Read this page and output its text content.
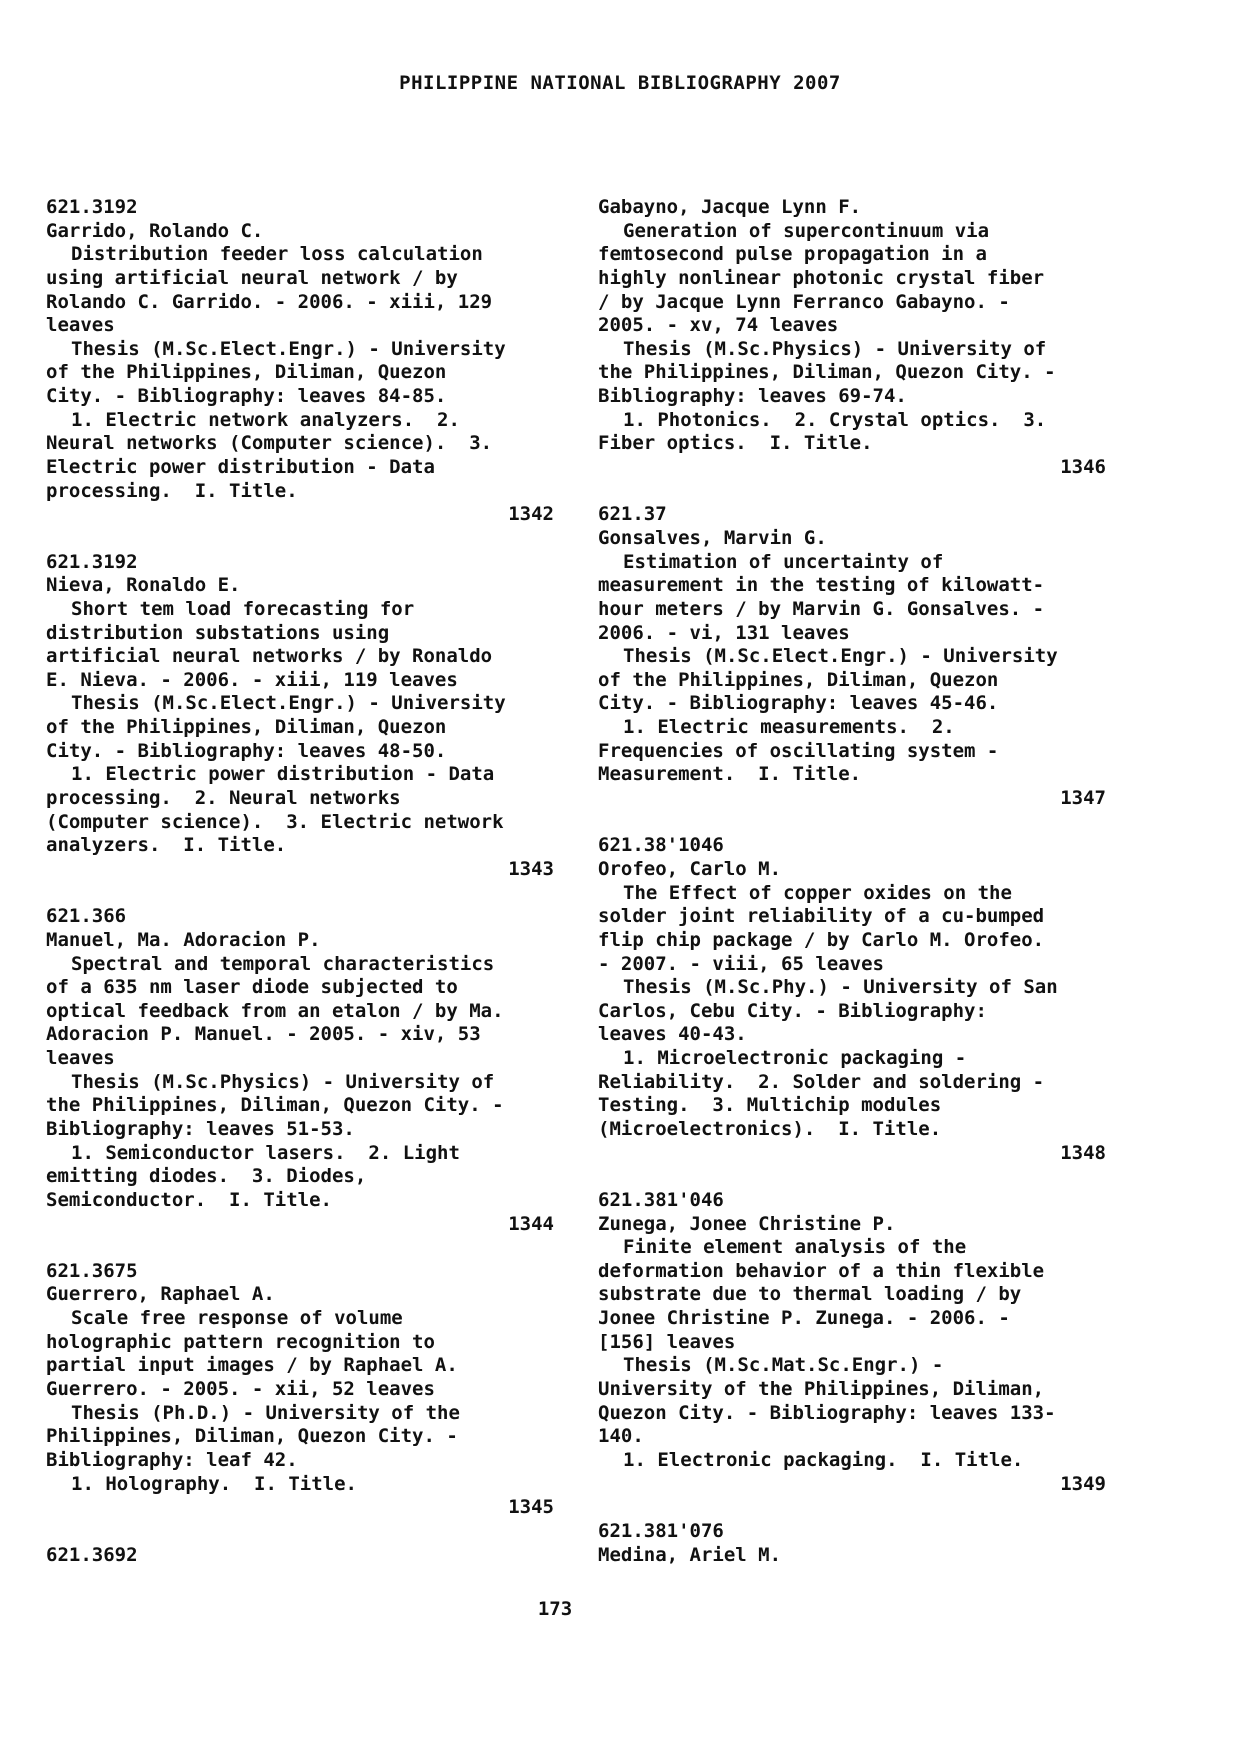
PHILIPPINE NATIONAL BIBLIOGRAPHY 2007
621.3192
Garrido, Rolando C.
Distribution feeder loss calculation
using artificial neural network / by
Rolando C. Garrido. - 2006. - xiii, 129
leaves
Thesis (M.Sc.Elect.Engr.) - University
of the Philippines, Diliman, Quezon
City. - Bibliography: leaves 84-85.
1. Electric network analyzers.  2.
Neural networks (Computer science).  3.
Electric power distribution - Data
processing.  I. Title.
1342
621.3192
Nieva, Ronaldo E.
Short tem load forecasting for
distribution substations using
artificial neural networks / by Ronaldo
E. Nieva. - 2006. - xiii, 119 leaves
Thesis (M.Sc.Elect.Engr.) - University
of the Philippines, Diliman, Quezon
City. - Bibliography: leaves 48-50.
1. Electric power distribution - Data
processing.  2. Neural networks
(Computer science).  3. Electric network
analyzers.  I. Title.
1343
621.366
Manuel, Ma. Adoracion P.
Spectral and temporal characteristics
of a 635 nm laser diode subjected to
optical feedback from an etalon / by Ma.
Adoracion P. Manuel. - 2005. - xiv, 53
leaves
Thesis (M.Sc.Physics) - University of
the Philippines, Diliman, Quezon City. -
Bibliography: leaves 51-53.
1. Semiconductor lasers.  2. Light
emitting diodes.  3. Diodes,
Semiconductor.  I. Title.
1344
621.3675
Guerrero, Raphael A.
Scale free response of volume
holographic pattern recognition to
partial input images / by Raphael A.
Guerrero. - 2005. - xii, 52 leaves
Thesis (Ph.D.) - University of the
Philippines, Diliman, Quezon City. -
Bibliography: leaf 42.
1. Holography.  I. Title.
1345
621.3692
Gabayno, Jacque Lynn F.
Generation of supercontinuum via
femtosecond pulse propagation in a
highly nonlinear photonic crystal fiber
/ by Jacque Lynn Ferranco Gabayno. -
2005. - xv, 74 leaves
Thesis (M.Sc.Physics) - University of
the Philippines, Diliman, Quezon City. -
Bibliography: leaves 69-74.
1. Photonics.  2. Crystal optics.  3.
Fiber optics.  I. Title.
1346
621.37
Gonsalves, Marvin G.
Estimation of uncertainty of
measurement in the testing of kilowatt-
hour meters / by Marvin G. Gonsalves. -
2006. - vi, 131 leaves
Thesis (M.Sc.Elect.Engr.) - University
of the Philippines, Diliman, Quezon
City. - Bibliography: leaves 45-46.
1. Electric measurements.  2.
Frequencies of oscillating system -
Measurement.  I. Title.
1347
621.38'1046
Orofeo, Carlo M.
The Effect of copper oxides on the
solder joint reliability of a cu-bumped
flip chip package / by Carlo M. Orofeo.
- 2007. - viii, 65 leaves
Thesis (M.Sc.Phy.) - University of San
Carlos, Cebu City. - Bibliography:
leaves 40-43.
1. Microelectronic packaging -
Reliability.  2. Solder and soldering -
Testing.  3. Multichip modules
(Microelectronics).  I. Title.
1348
621.381'046
Zunega, Jonee Christine P.
Finite element analysis of the
deformation behavior of a thin flexible
substrate due to thermal loading / by
Jonee Christine P. Zunega. - 2006. -
[156] leaves
Thesis (M.Sc.Mat.Sc.Engr.) -
University of the Philippines, Diliman,
Quezon City. - Bibliography: leaves 133-
140.
1. Electronic packaging.  I. Title.
1349
621.381'076
Medina, Ariel M.
173
